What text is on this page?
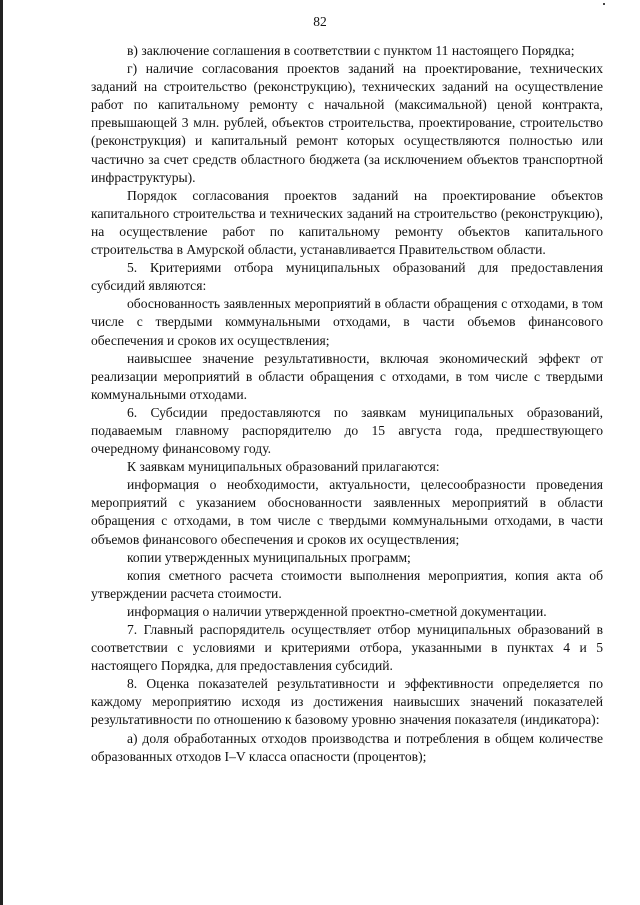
82

в) заключение соглашения в соответствии с пунктом 11 настоящего Порядка;

г) наличие согласования проектов заданий на проектирование, технических заданий на строительство (реконструкцию), технических заданий на осуществление работ по капитальному ремонту с начальной (максимальной) ценой контракта, превышающей 3 млн. рублей, объектов строительства, проектирование, строительство (реконструкция) и капитальный ремонт которых осуществляются полностью или частично за счет средств областного бюджета (за исключением объектов транспортной инфраструктуры).

Порядок согласования проектов заданий на проектирование объектов капитального строительства и технических заданий на строительство (реконструкцию), на осуществление работ по капитальному ремонту объектов капитального строительства в Амурской области, устанавливается Правительством области.

5. Критериями отбора муниципальных образований для предоставления субсидий являются:

обоснованность заявленных мероприятий в области обращения с отходами, в том числе с твердыми коммунальными отходами, в части объемов финансового обеспечения и сроков их осуществления;

наивысшее значение результативности, включая экономический эффект от реализации мероприятий в области обращения с отходами, в том числе с твердыми коммунальными отходами.

6. Субсидии предоставляются по заявкам муниципальных образований, подаваемым главному распорядителю до 15 августа года, предшествующего очередному финансовому году.

К заявкам муниципальных образований прилагаются:

информация о необходимости, актуальности, целесообразности проведения мероприятий с указанием обоснованности заявленных мероприятий в области обращения с отходами, в том числе с твердыми коммунальными отходами, в части объемов финансового обеспечения и сроков их осуществления;

копии утвержденных муниципальных программ;

копия сметного расчета стоимости выполнения мероприятия, копия акта об утверждении расчета стоимости.

информация о наличии утвержденной проектно-сметной документации.

7. Главный распорядитель осуществляет отбор муниципальных образований в соответствии с условиями и критериями отбора, указанными в пунктах 4 и 5 настоящего Порядка, для предоставления субсидий.

8. Оценка показателей результативности и эффективности определяется по каждому мероприятию исходя из достижения наивысших значений показателей результативности по отношению к базовому уровню значения показателя (индикатора):

а) доля обработанных отходов производства и потребления в общем количестве образованных отходов I–V класса опасности (процентов);
